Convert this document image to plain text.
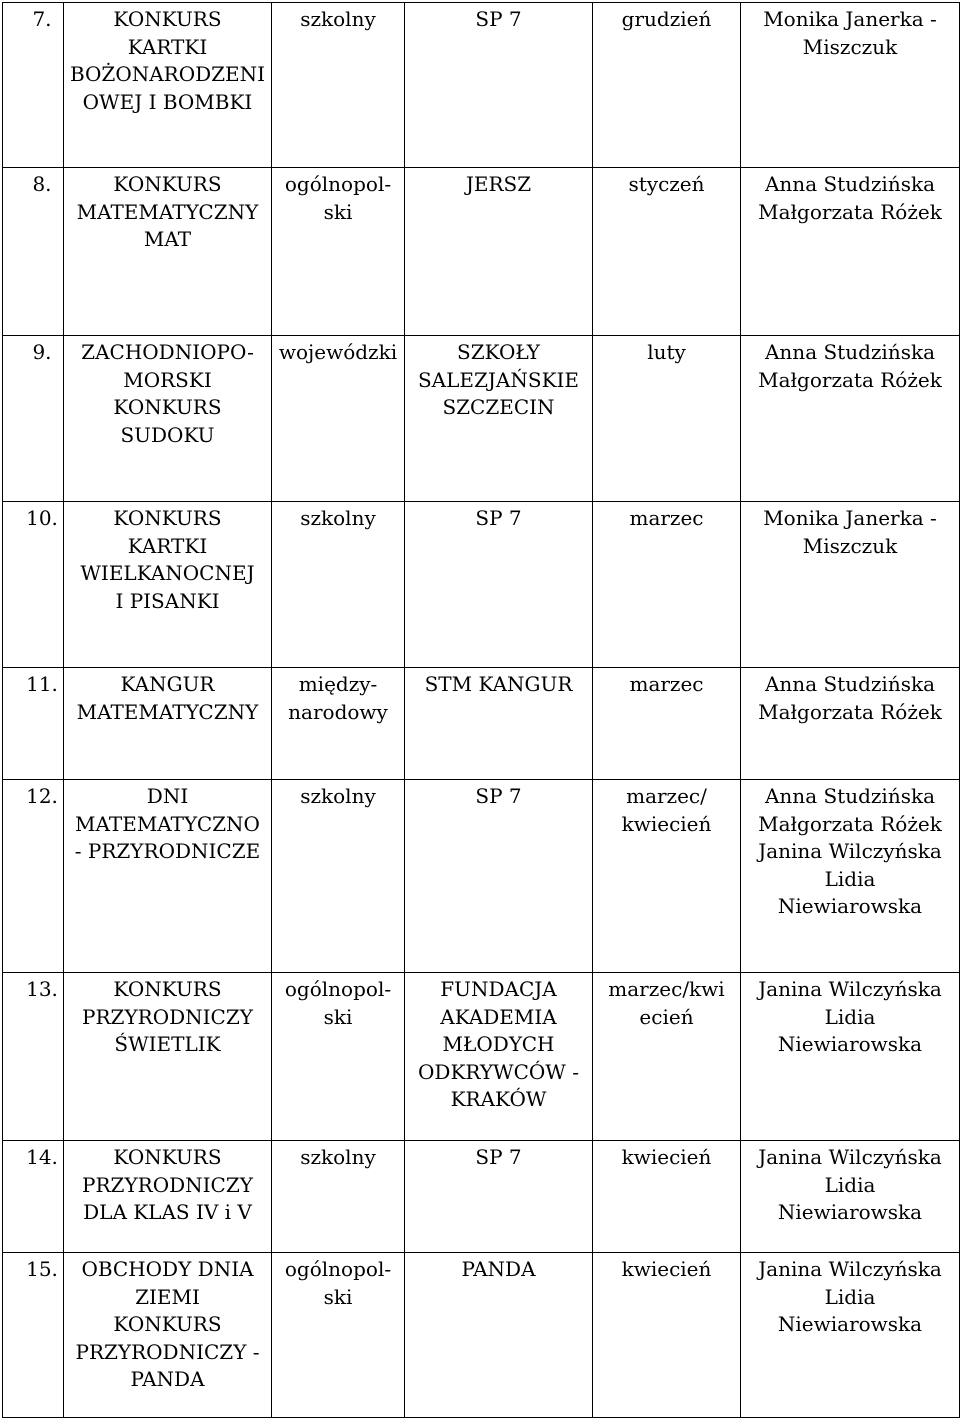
7.	KONKURS
KARTKI
BOŻONARODZENI
OWEJ I BOMBKI	szkolny	SP 7	grudzień	Monika Janerka -
Miszczuk

8.	KONKURS
MATEMATYCZNY
MAT	ogólnopol-
ski	JERSZ	styczeń	Anna Studzińska
Małgorzata Różek

9.	ZACHODNIOPO-
MORSKI
KONKURS
SUDOKU	wojewódzki	SZKOŁY
SALEZJAŃSKIE
SZCZECIN	luty	Anna Studzińska
Małgorzata Różek

10.	KONKURS
KARTKI
WIELKANOCNEJ
I PISANKI	szkolny	SP 7	marzec	Monika Janerka -
Miszczuk

11.	KANGUR
MATEMATYCZNY	między-
narodowy	STM KANGUR	marzec	Anna Studzińska
Małgorzata Różek

12.	DNI
MATEMATYCZNO
- PRZYRODNICZE	szkolny	SP 7	marzec/
kwiecień	Anna Studzińska
Małgorzata Różek
Janina Wilczyńska
Lidia
Niewiarowska

13.	KONKURS
PRZYRODNICZY
ŚWIETLIK	ogólnopol-
ski	FUNDACJA
AKADEMIA
MŁODYCH
ODKRYWCÓW -
KRAKÓW	marzec/kwi
ecień	Janina Wilczyńska
Lidia
Niewiarowska

14.	KONKURS
PRZYRODNICZY
DLA KLAS IV i V	szkolny	SP 7	kwiecień	Janina Wilczyńska
Lidia
Niewiarowska

15.	OBCHODY DNIA
ZIEMI
KONKURS
PRZYRODNICZY -
PANDA	ogólnopol-
ski	PANDA	kwiecień	Janina Wilczyńska
Lidia
Niewiarowska
